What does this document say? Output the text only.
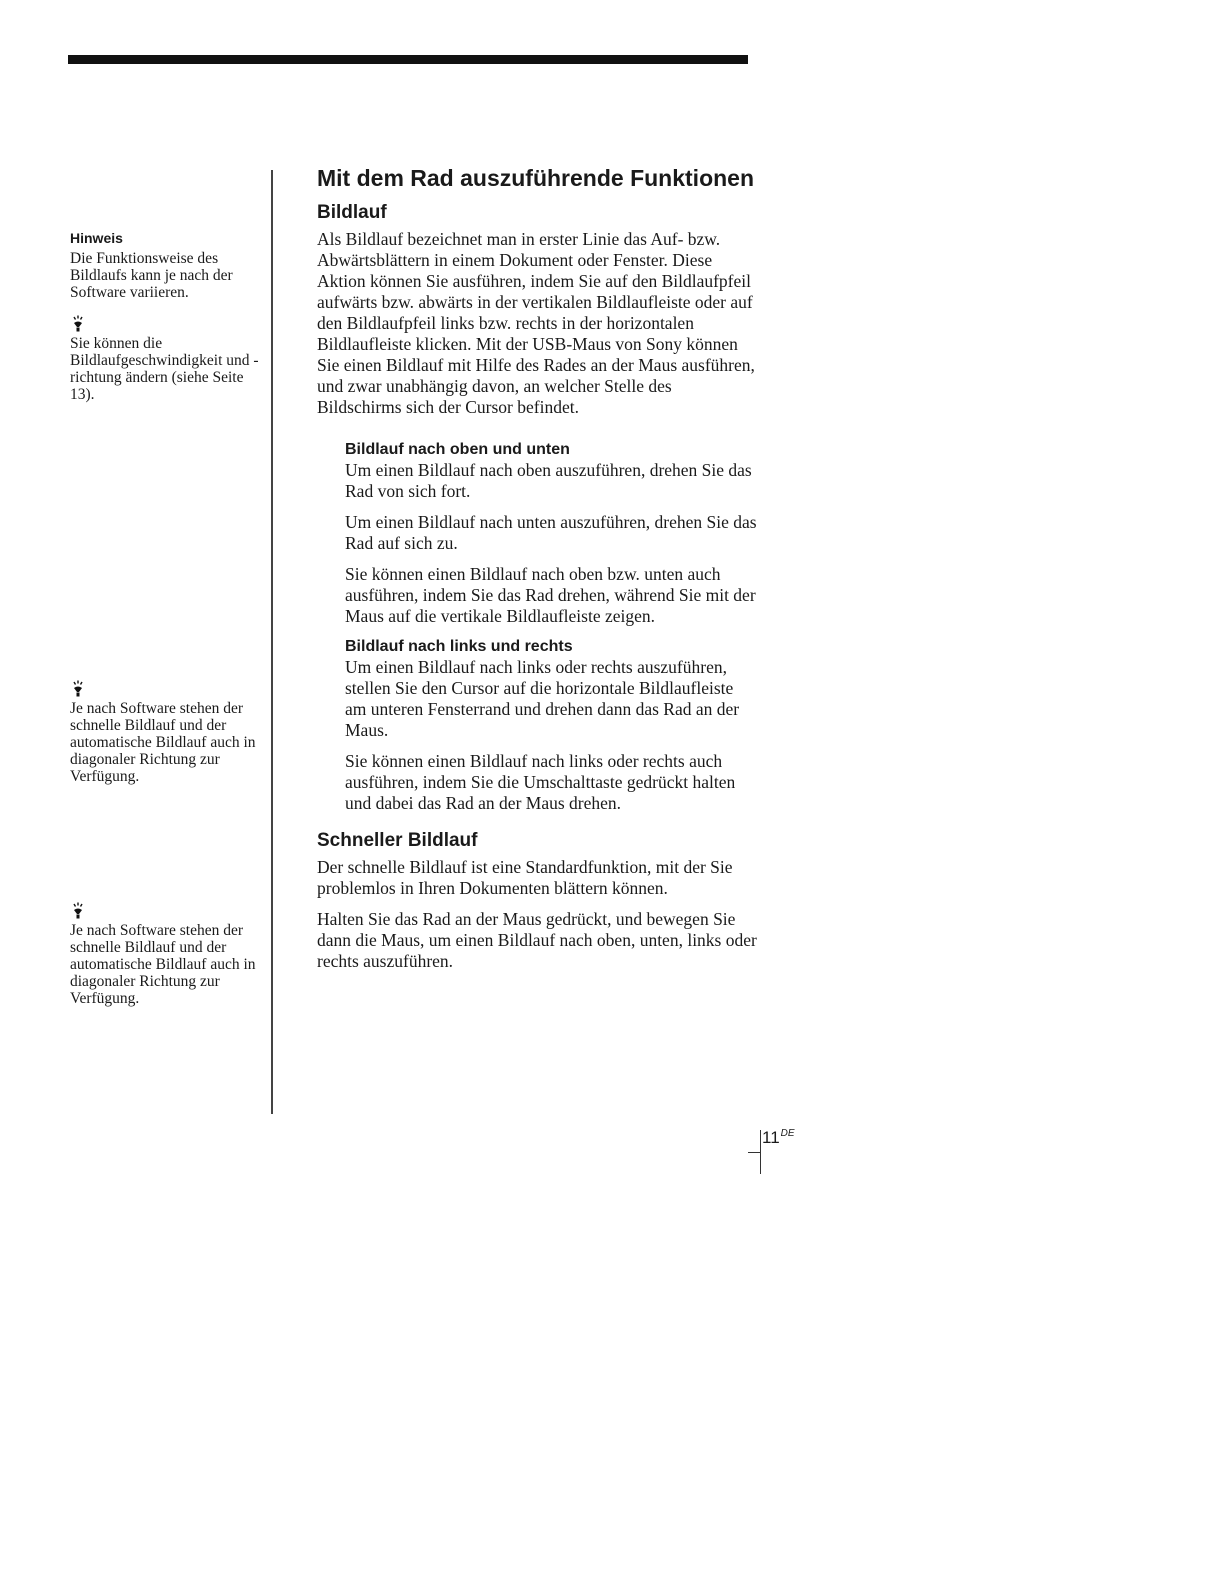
Hinweis

Die Funktionsweise des Bildlaufs kann je nach der Software variieren.

Sie können die Bildlaufgeschwindigkeit und -richtung ändern (siehe Seite 13).

Je nach Software stehen der schnelle Bildlauf und der automatische Bildlauf auch in diagonaler Richtung zur Verfügung.

Je nach Software stehen der schnelle Bildlauf und der automatische Bildlauf auch in diagonaler Richtung zur Verfügung.

Mit dem Rad auszuführende Funktionen
Bildlauf

Als Bildlauf bezeichnet man in erster Linie das Auf- bzw. Abwärtsblättern in einem Dokument oder Fenster. Diese Aktion können Sie ausführen, indem Sie auf den Bildlaufpfeil aufwärts bzw. abwärts in der vertikalen Bildlaufleiste oder auf den Bildlaufpfeil links bzw. rechts in der horizontalen Bildlaufleiste klicken. Mit der USB-Maus von Sony können Sie einen Bildlauf mit Hilfe des Rades an der Maus ausführen, und zwar unabhängig davon, an welcher Stelle des Bildschirms sich der Cursor befindet.

Bildlauf nach oben und unten

Um einen Bildlauf nach oben auszuführen, drehen Sie das Rad von sich fort.

Um einen Bildlauf nach unten auszuführen, drehen Sie das Rad auf sich zu.

Sie können einen Bildlauf nach oben bzw. unten auch ausführen, indem Sie das Rad drehen, während Sie mit der Maus auf die vertikale Bildlaufleiste zeigen.

Bildlauf nach links und rechts

Um einen Bildlauf nach links oder rechts auszuführen, stellen Sie den Cursor auf die horizontale Bildlaufleiste am unteren Fensterrand und drehen dann das Rad an der Maus.

Sie können einen Bildlauf nach links oder rechts auch ausführen, indem Sie die Umschalttaste gedrückt halten und dabei das Rad an der Maus drehen.

Schneller Bildlauf

Der schnelle Bildlauf ist eine Standardfunktion, mit der Sie problemlos in Ihren Dokumenten blättern können.

Halten Sie das Rad an der Maus gedrückt, und bewegen Sie dann die Maus, um einen Bildlauf nach oben, unten, links oder rechts auszuführen.

11DE
